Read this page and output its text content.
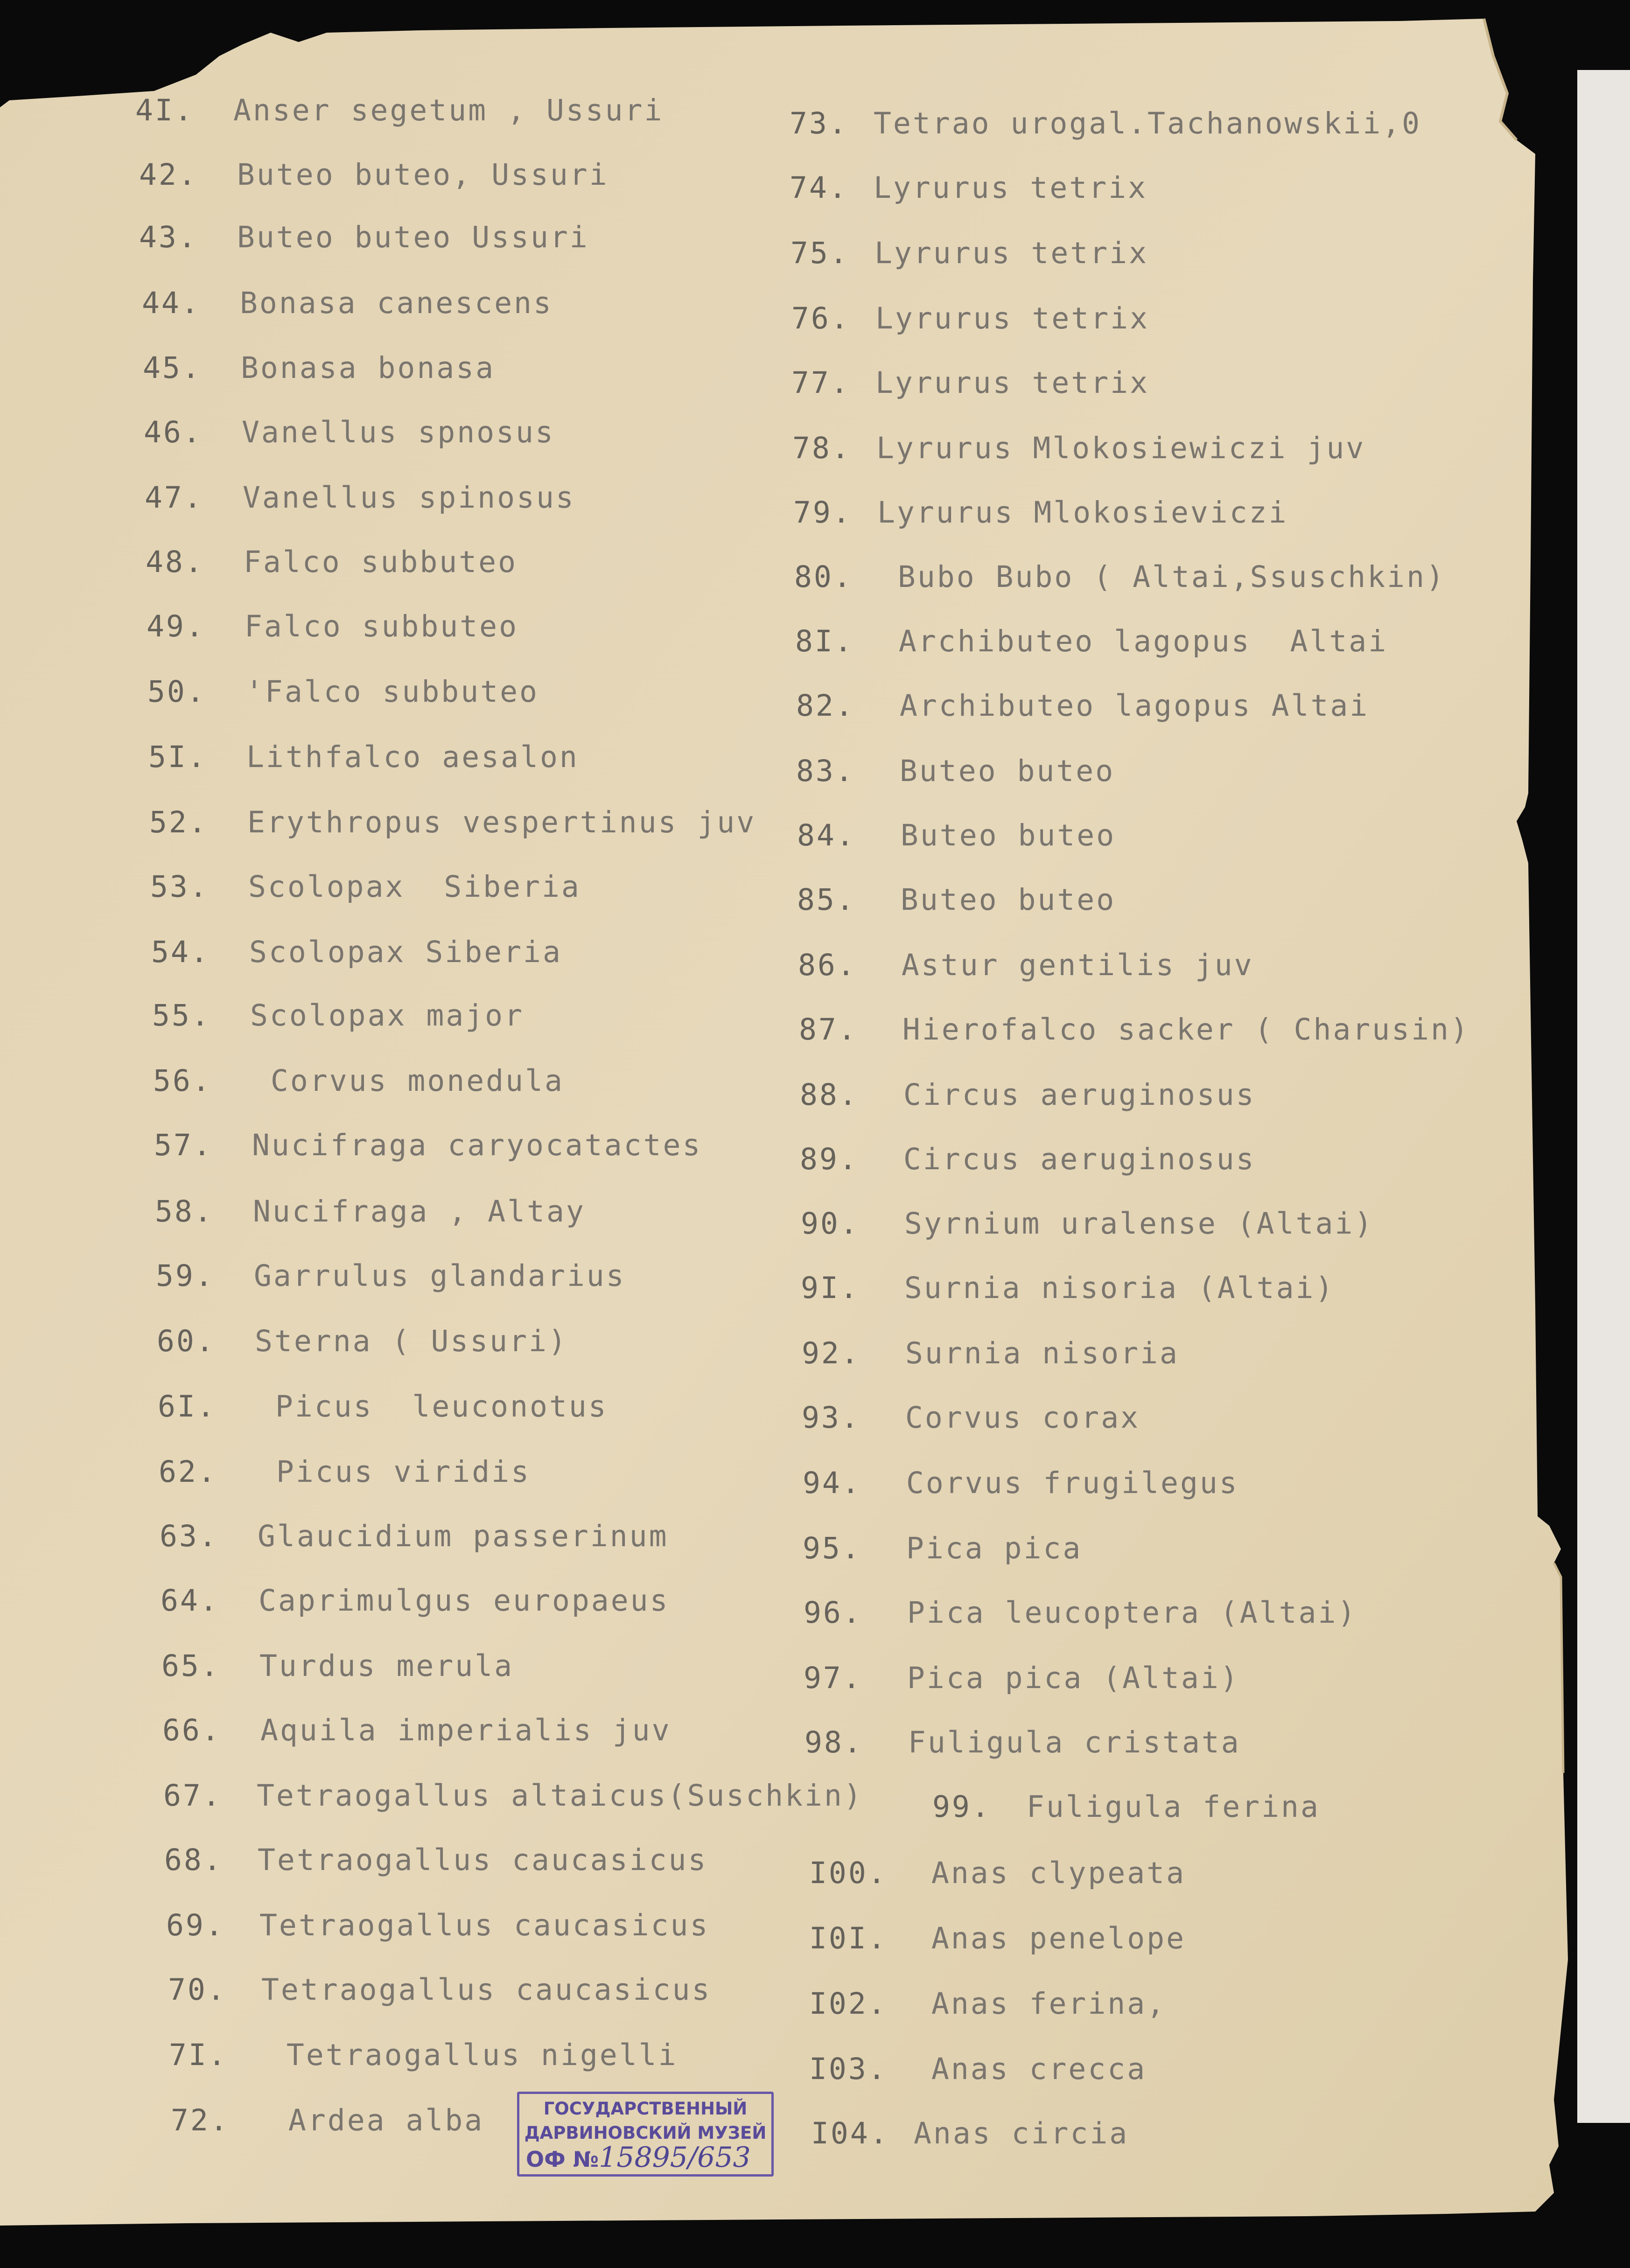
4I.	Anser segetum , Ussuri

42.	Buteo buteo, Ussuri

43.	Buteo buteo Ussuri

44.	Bonasa canescens

45.	Bonasa bonasa

46.	Vanellus spnosus

47.	Vanellus spinosus

48.	Falco subbuteo

49.	Falco subbuteo

50.	'Falco subbuteo

5I.	Lithfalco aesalon

52.	Erythropus vespertinus juv

53.	Scolopax  Siberia

54.	Scolopax Siberia

55.	Scolopax major

56.	Corvus monedula

57.	Nucifraga caryocatactes

58.	Nucifraga , Altay

59.	Garrulus glandarius

60.	Sterna ( Ussuri)

6I.	Picus  leuconotus

62.	Picus viridis

63.	Glaucidium passerinum

64.	Caprimulgus europaeus

65.	Turdus merula

66.	Aquila imperialis juv

67.	Tetraogallus altaicus(Suschkin)

68.	Tetraogallus caucasicus

69.	Tetraogallus caucasicus

70.	Tetraogallus caucasicus

7I.	Tetraogallus nigelli

72.	Ardea alba

73. Tetrao urogal.Tachanowskii,0

74. Lyrurus tetrix

75. Lyrurus tetrix

76. Lyrurus tetrix

77. Lyrurus tetrix

78. Lyrurus Mlokosiewiczi juv

79. Lyrurus Mlokosieviczi

80. Bubo Bubo ( Altai,Ssuschkin)

8I. Archibuteo lagopus  Altai

82. Archibuteo lagopus Altai

83. Buteo buteo

84. Buteo buteo

85. Buteo buteo

86. Astur gentilis juv

87. Hierofalco sacker ( Charusin)

88. Circus aeruginosus

89. Circus aeruginosus

90. Syrnium uralense (Altai)

9I. Surnia nisoria (Altai)

92. Surnia nisoria

93. Corvus corax

94. Corvus frugilegus

95. Pica pica

96. Pica leucoptera (Altai)

97. Pica pica (Altai)

98. Fuligula cristata

99. Fuligula ferina

I00. Anas clypeata

I0I. Anas penelope

I02. Anas ferina,

I03. Anas crecca

I04. Anas circia

ГОСУДАРСТВЕННЫЙ
ДАРВИНОВСКИЙ МУЗЕЙ
ОФ №15895/653
